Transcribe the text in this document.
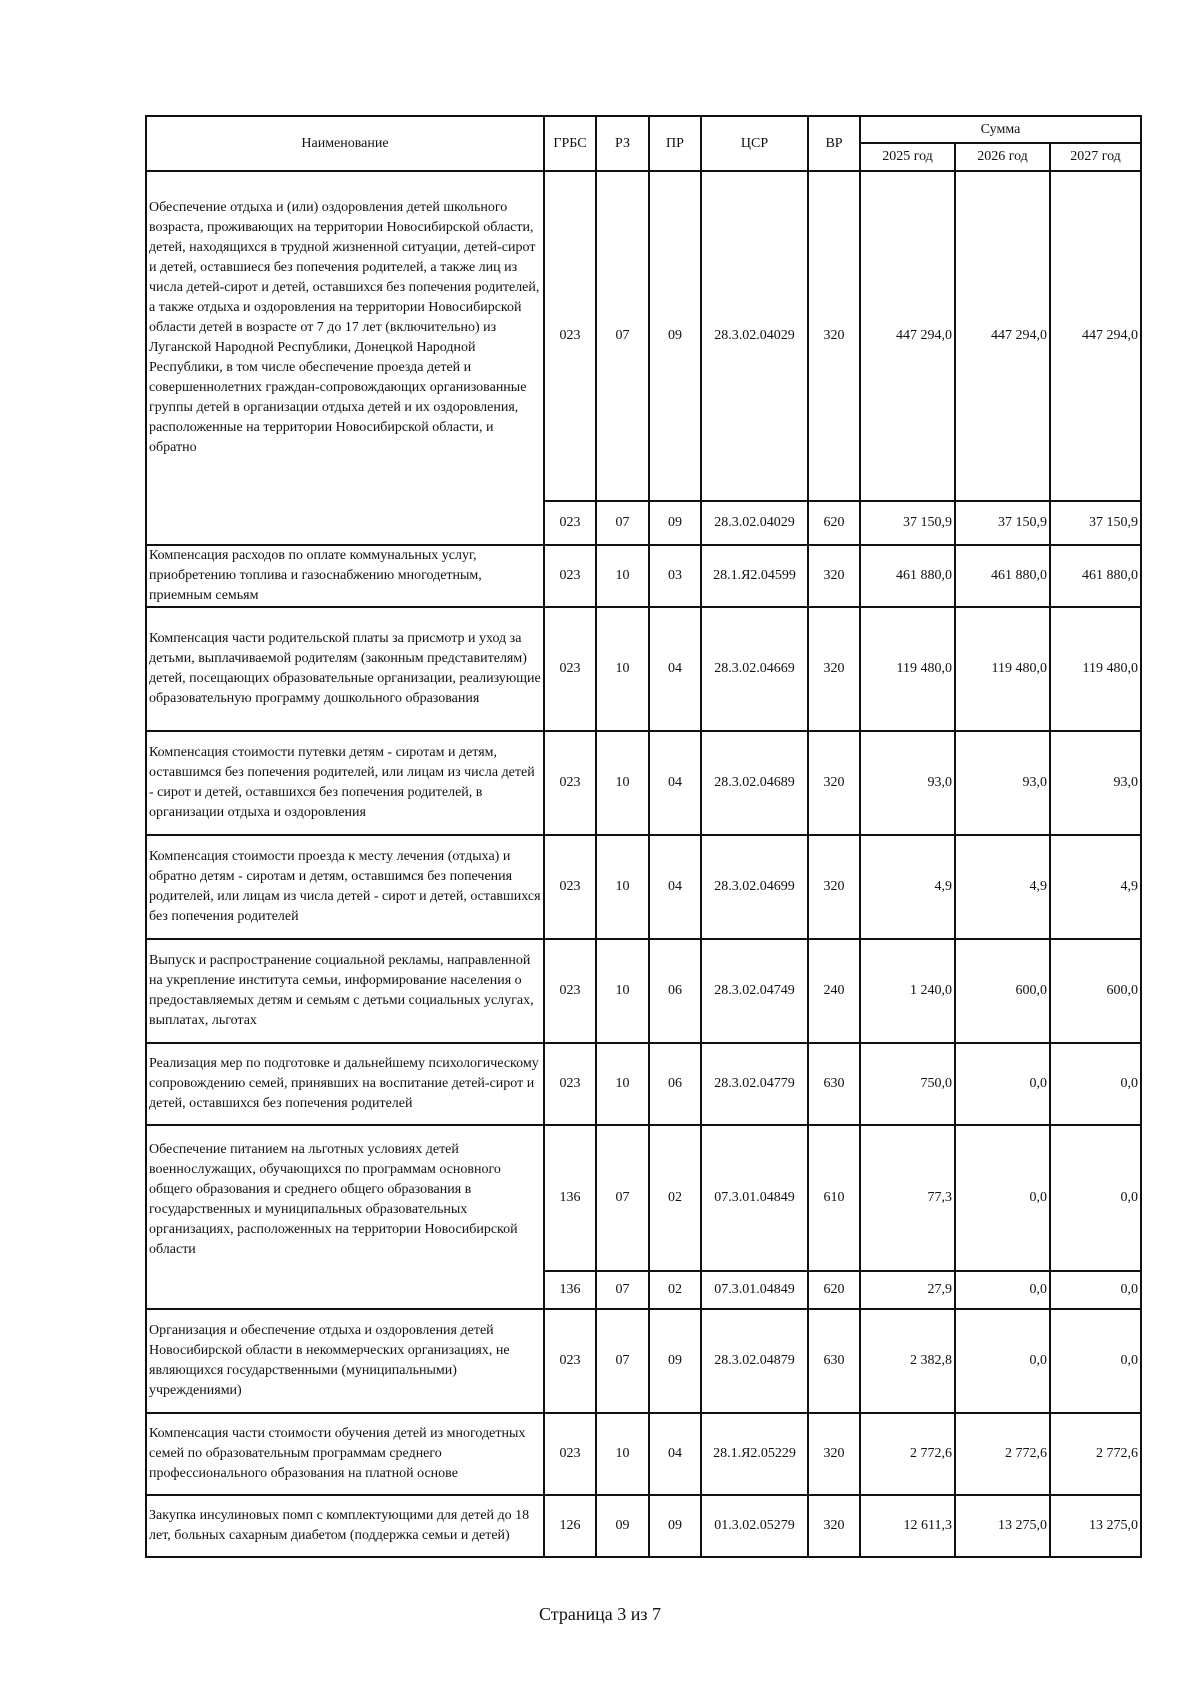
Наименование	ГРБС	РЗ	ПР	ЦСР	ВР	Сумма		
						2025 год	2026 год	2027 год
Обеспечение отдыха и (или) оздоровления детей школьного возраста, проживающих на территории Новосибирской области, детей, находящихся в трудной жизненной ситуации, детей-сирот и детей, оставшиеся без попечения родителей, а также лиц из числа детей-сирот и детей, оставшихся без попечения родителей, а также отдыха и оздоровления на территории Новосибирской области детей в возрасте от 7 до 17 лет (включительно) из Луганской Народной Республики, Донецкой Народной Республики, в том числе обеспечение проезда детей и совершеннолетних граждан-сопровождающих организованные группы детей в организации отдыха детей и их оздоровления, расположенные на территории Новосибирской области, и обратно	023	07	09	28.3.02.04029	320	447 294,0	447 294,0	447 294,0
	023	07	09	28.3.02.04029	620	37 150,9	37 150,9	37 150,9
Компенсация расходов по оплате коммунальных услуг, приобретению топлива и газоснабжению многодетным, приемным семьям	023	10	03	28.1.Я2.04599	320	461 880,0	461 880,0	461 880,0
Компенсация части родительской платы за присмотр и уход за детьми, выплачиваемой родителям (законным представителям) детей, посещающих образовательные организации, реализующие образовательную программу дошкольного образования	023	10	04	28.3.02.04669	320	119 480,0	119 480,0	119 480,0
Компенсация стоимости путевки детям - сиротам и детям, оставшимся без попечения родителей, или лицам из числа детей - сирот и детей, оставшихся без попечения родителей, в организации отдыха и оздоровления	023	10	04	28.3.02.04689	320	93,0	93,0	93,0
Компенсация стоимости проезда к месту лечения (отдыха) и обратно детям - сиротам и детям, оставшимся без попечения родителей, или лицам из числа детей - сирот и детей, оставшихся без попечения родителей	023	10	04	28.3.02.04699	320	4,9	4,9	4,9
Выпуск и распространение социальной рекламы, направленной на укрепление института семьи, информирование населения о предоставляемых детям и семьям с детьми социальных услугах, выплатах, льготах	023	10	06	28.3.02.04749	240	1 240,0	600,0	600,0
Реализация мер по подготовке и дальнейшему психологическому сопровождению семей, принявших на воспитание детей-сирот и детей, оставшихся без попечения родителей	023	10	06	28.3.02.04779	630	750,0	0,0	0,0
Обеспечение питанием на льготных условиях детей военнослужащих, обучающихся по программам основного общего образования и среднего общего образования в государственных и муниципальных образовательных организациях, расположенных на территории Новосибирской области	136	07	02	07.3.01.04849	610	77,3	0,0	0,0
	136	07	02	07.3.01.04849	620	27,9	0,0	0,0
Организация и обеспечение отдыха и оздоровления детей Новосибирской области в некоммерческих организациях, не являющихся государственными (муниципальными) учреждениями)	023	07	09	28.3.02.04879	630	2 382,8	0,0	0,0
Компенсация части стоимости обучения детей из многодетных семей по образовательным программам среднего профессионального образования на платной основе	023	10	04	28.1.Я2.05229	320	2 772,6	2 772,6	2 772,6
Закупка инсулиновых помп с комплектующими для детей до 18 лет, больных сахарным диабетом (поддержка семьи и детей)	126	09	09	01.3.02.05279	320	12 611,3	13 275,0	13 275,0
Страница 3 из 7
